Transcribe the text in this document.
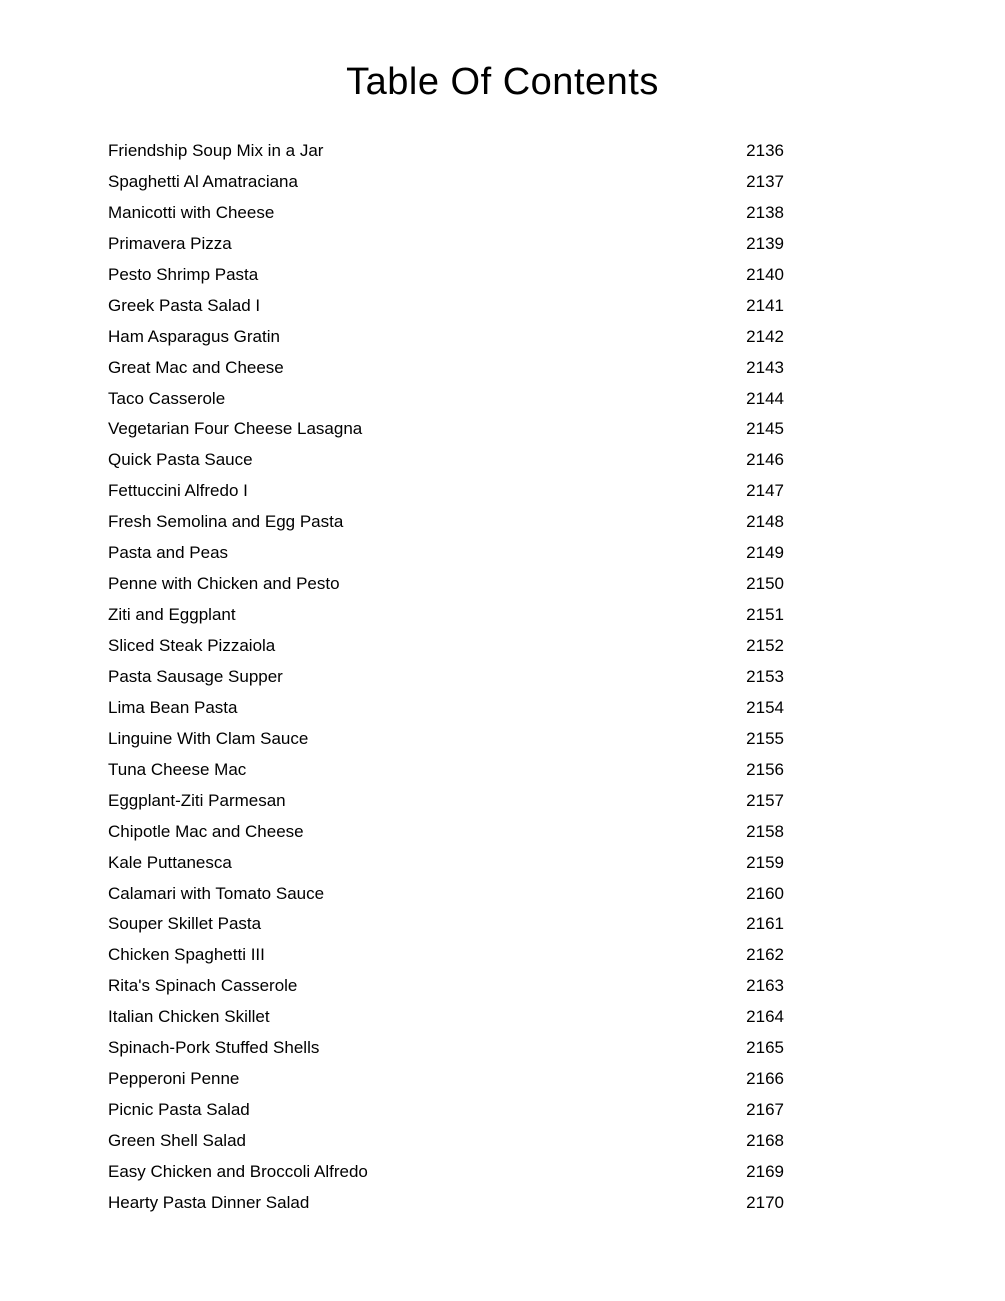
Table Of Contents
Friendship Soup Mix in a Jar	2136
Spaghetti Al Amatraciana	2137
Manicotti with Cheese	2138
Primavera Pizza	2139
Pesto Shrimp Pasta	2140
Greek Pasta Salad I	2141
Ham Asparagus Gratin	2142
Great Mac and Cheese	2143
Taco Casserole	2144
Vegetarian Four Cheese Lasagna	2145
Quick Pasta Sauce	2146
Fettuccini Alfredo I	2147
Fresh Semolina and Egg Pasta	2148
Pasta and Peas	2149
Penne with Chicken and Pesto	2150
Ziti and Eggplant	2151
Sliced Steak Pizzaiola	2152
Pasta Sausage Supper	2153
Lima Bean Pasta	2154
Linguine With Clam Sauce	2155
Tuna Cheese Mac	2156
Eggplant-Ziti Parmesan	2157
Chipotle Mac and Cheese	2158
Kale Puttanesca	2159
Calamari with Tomato Sauce	2160
Souper Skillet Pasta	2161
Chicken Spaghetti III	2162
Rita's Spinach Casserole	2163
Italian Chicken Skillet	2164
Spinach-Pork Stuffed Shells	2165
Pepperoni Penne	2166
Picnic Pasta Salad	2167
Green Shell Salad	2168
Easy Chicken and Broccoli Alfredo	2169
Hearty Pasta Dinner Salad	2170
